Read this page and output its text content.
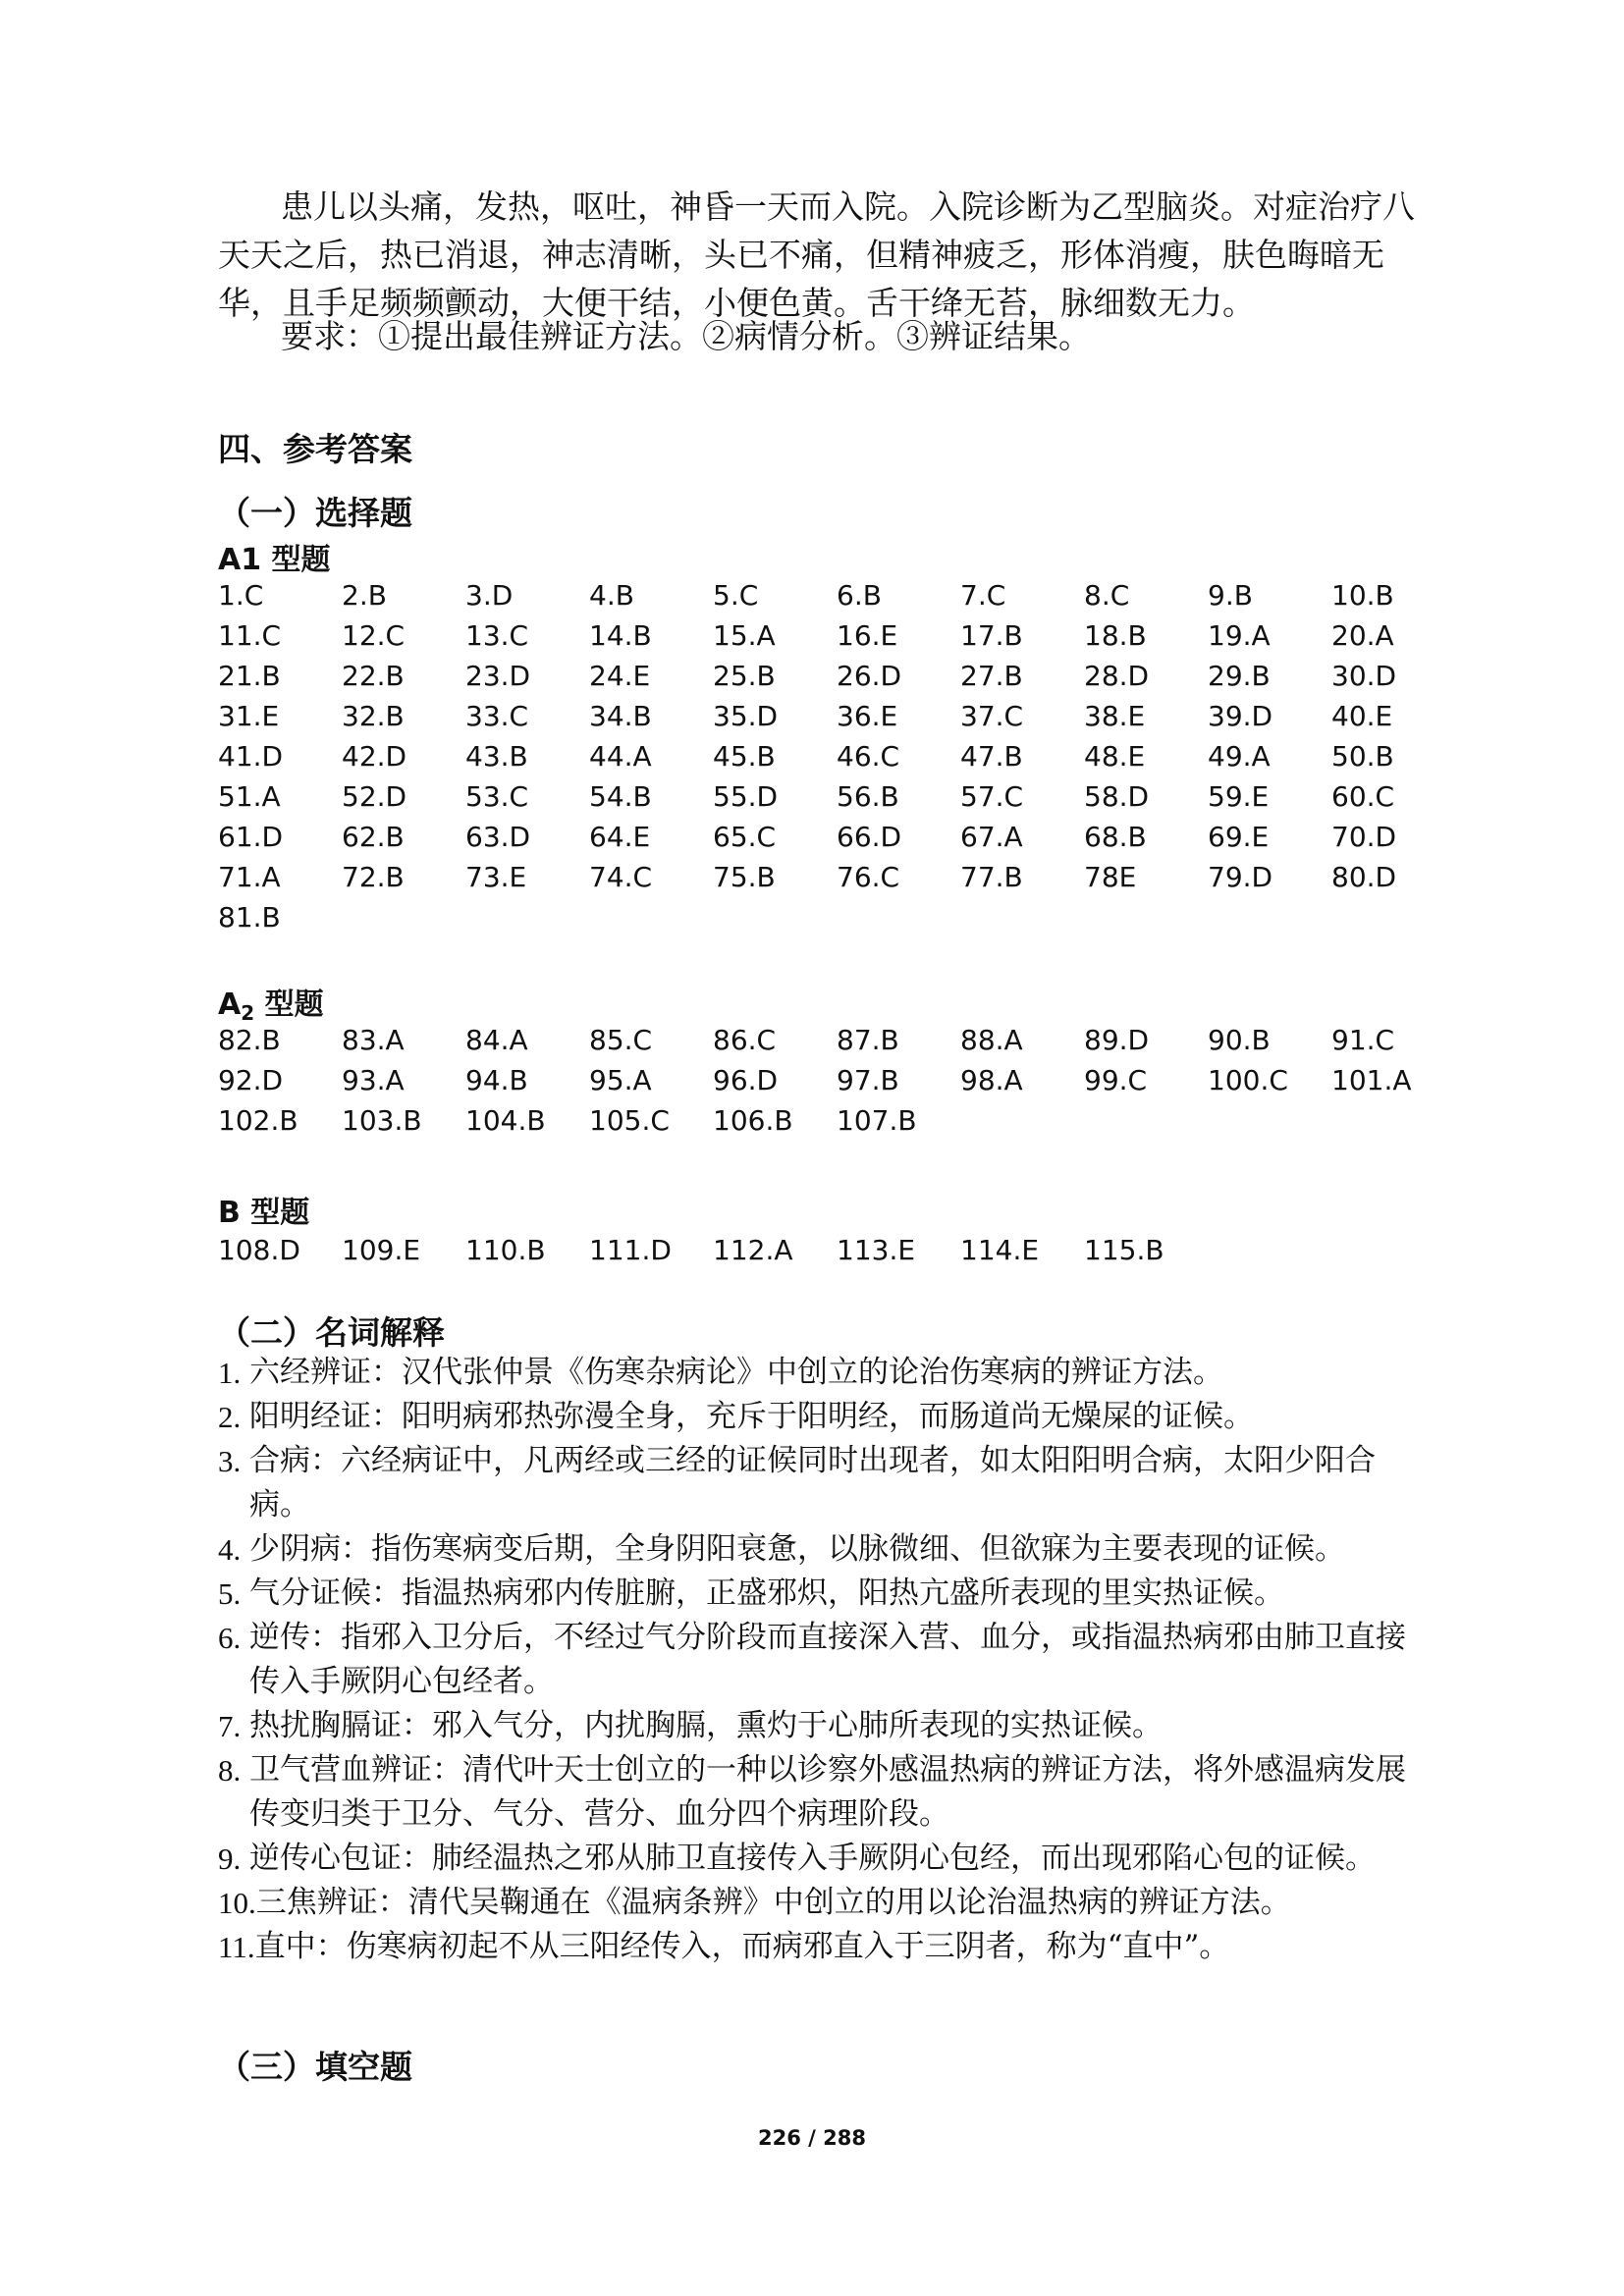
患儿以头痛，发热，呕吐，神昏一天而入院。入院诊断为乙型脑炎。对症治疗八天天之后，热已消退，神志清晰，头已不痛，但精神疲乏，形体消瘦，肤色晦暗无华，且手足频频颤动，大便干结，小便色黄。舌干绛无苔，脉细数无力。

要求：①提出最佳辨证方法。②病情分析。③辨证结果。

四、参考答案
（一）选择题
A1 型题
1.C	2.B	3.D	4.B	5.C	6.B	7.C	8.C	9.B	10.B
11.C	12.C	13.C	14.B	15.A	16.E	17.B	18.B	19.A	20.A
21.B	22.B	23.D	24.E	25.B	26.D	27.B	28.D	29.B	30.D
31.E	32.B	33.C	34.B	35.D	36.E	37.C	38.E	39.D	40.E
41.D	42.D	43.B	44.A	45.B	46.C	47.B	48.E	49.A	50.B
51.A	52.D	53.C	54.B	55.D	56.B	57.C	58.D	59.E	60.C
61.D	62.B	63.D	64.E	65.C	66.D	67.A	68.B	69.E	70.D
71.A	72.B	73.E	74.C	75.B	76.C	77.B	78E	79.D	80.D
81.B
$A_2$ 型题
82.B	83.A	84.A	85.C	86.C	87.B	88.A	89.D	90.B	91.C
92.D	93.A	94.B	95.A	96.D	97.B	98.A	99.C	100.C	101.A
102.B	103.B	104.B	105.C	106.B	107.B
B 型题
108.D	109.E	110.B	111.D	112.A	113.E	114.E	115.B
（二）名词解释
1. 六经辨证：汉代张仲景《伤寒杂病论》中创立的论治伤寒病的辨证方法。
2. 阳明经证：阳明病邪热弥漫全身，充斥于阳明经，而肠道尚无燥屎的证候。
3. 合病：六经病证中，凡两经或三经的证候同时出现者，如太阳阳明合病，太阳少阳合病。
4. 少阴病：指伤寒病变后期，全身阴阳衰惫，以脉微细、但欲寐为主要表现的证候。
5. 气分证候：指温热病邪内传脏腑，正盛邪炽，阳热亢盛所表现的里实热证候。
6. 逆传：指邪入卫分后，不经过气分阶段而直接深入营、血分，或指温热病邪由肺卫直接传入手厥阴心包经者。
7. 热扰胸膈证：邪入气分，内扰胸膈，熏灼于心肺所表现的实热证候。
8. 卫气营血辨证：清代叶天士创立的一种以诊察外感温热病的辨证方法，将外感温病发展传变归类于卫分、气分、营分、血分四个病理阶段。
9. 逆传心包证：肺经温热之邪从肺卫直接传入手厥阴心包经，而出现邪陷心包的证候。
10. 三焦辨证：清代吴鞠通在《温病条辨》中创立的用以论治温热病的辨证方法。
11. 直中：伤寒病初起不从三阳经传入，而病邪直入于三阴者，称为“直中”。
（三）填空题
226 / 288
